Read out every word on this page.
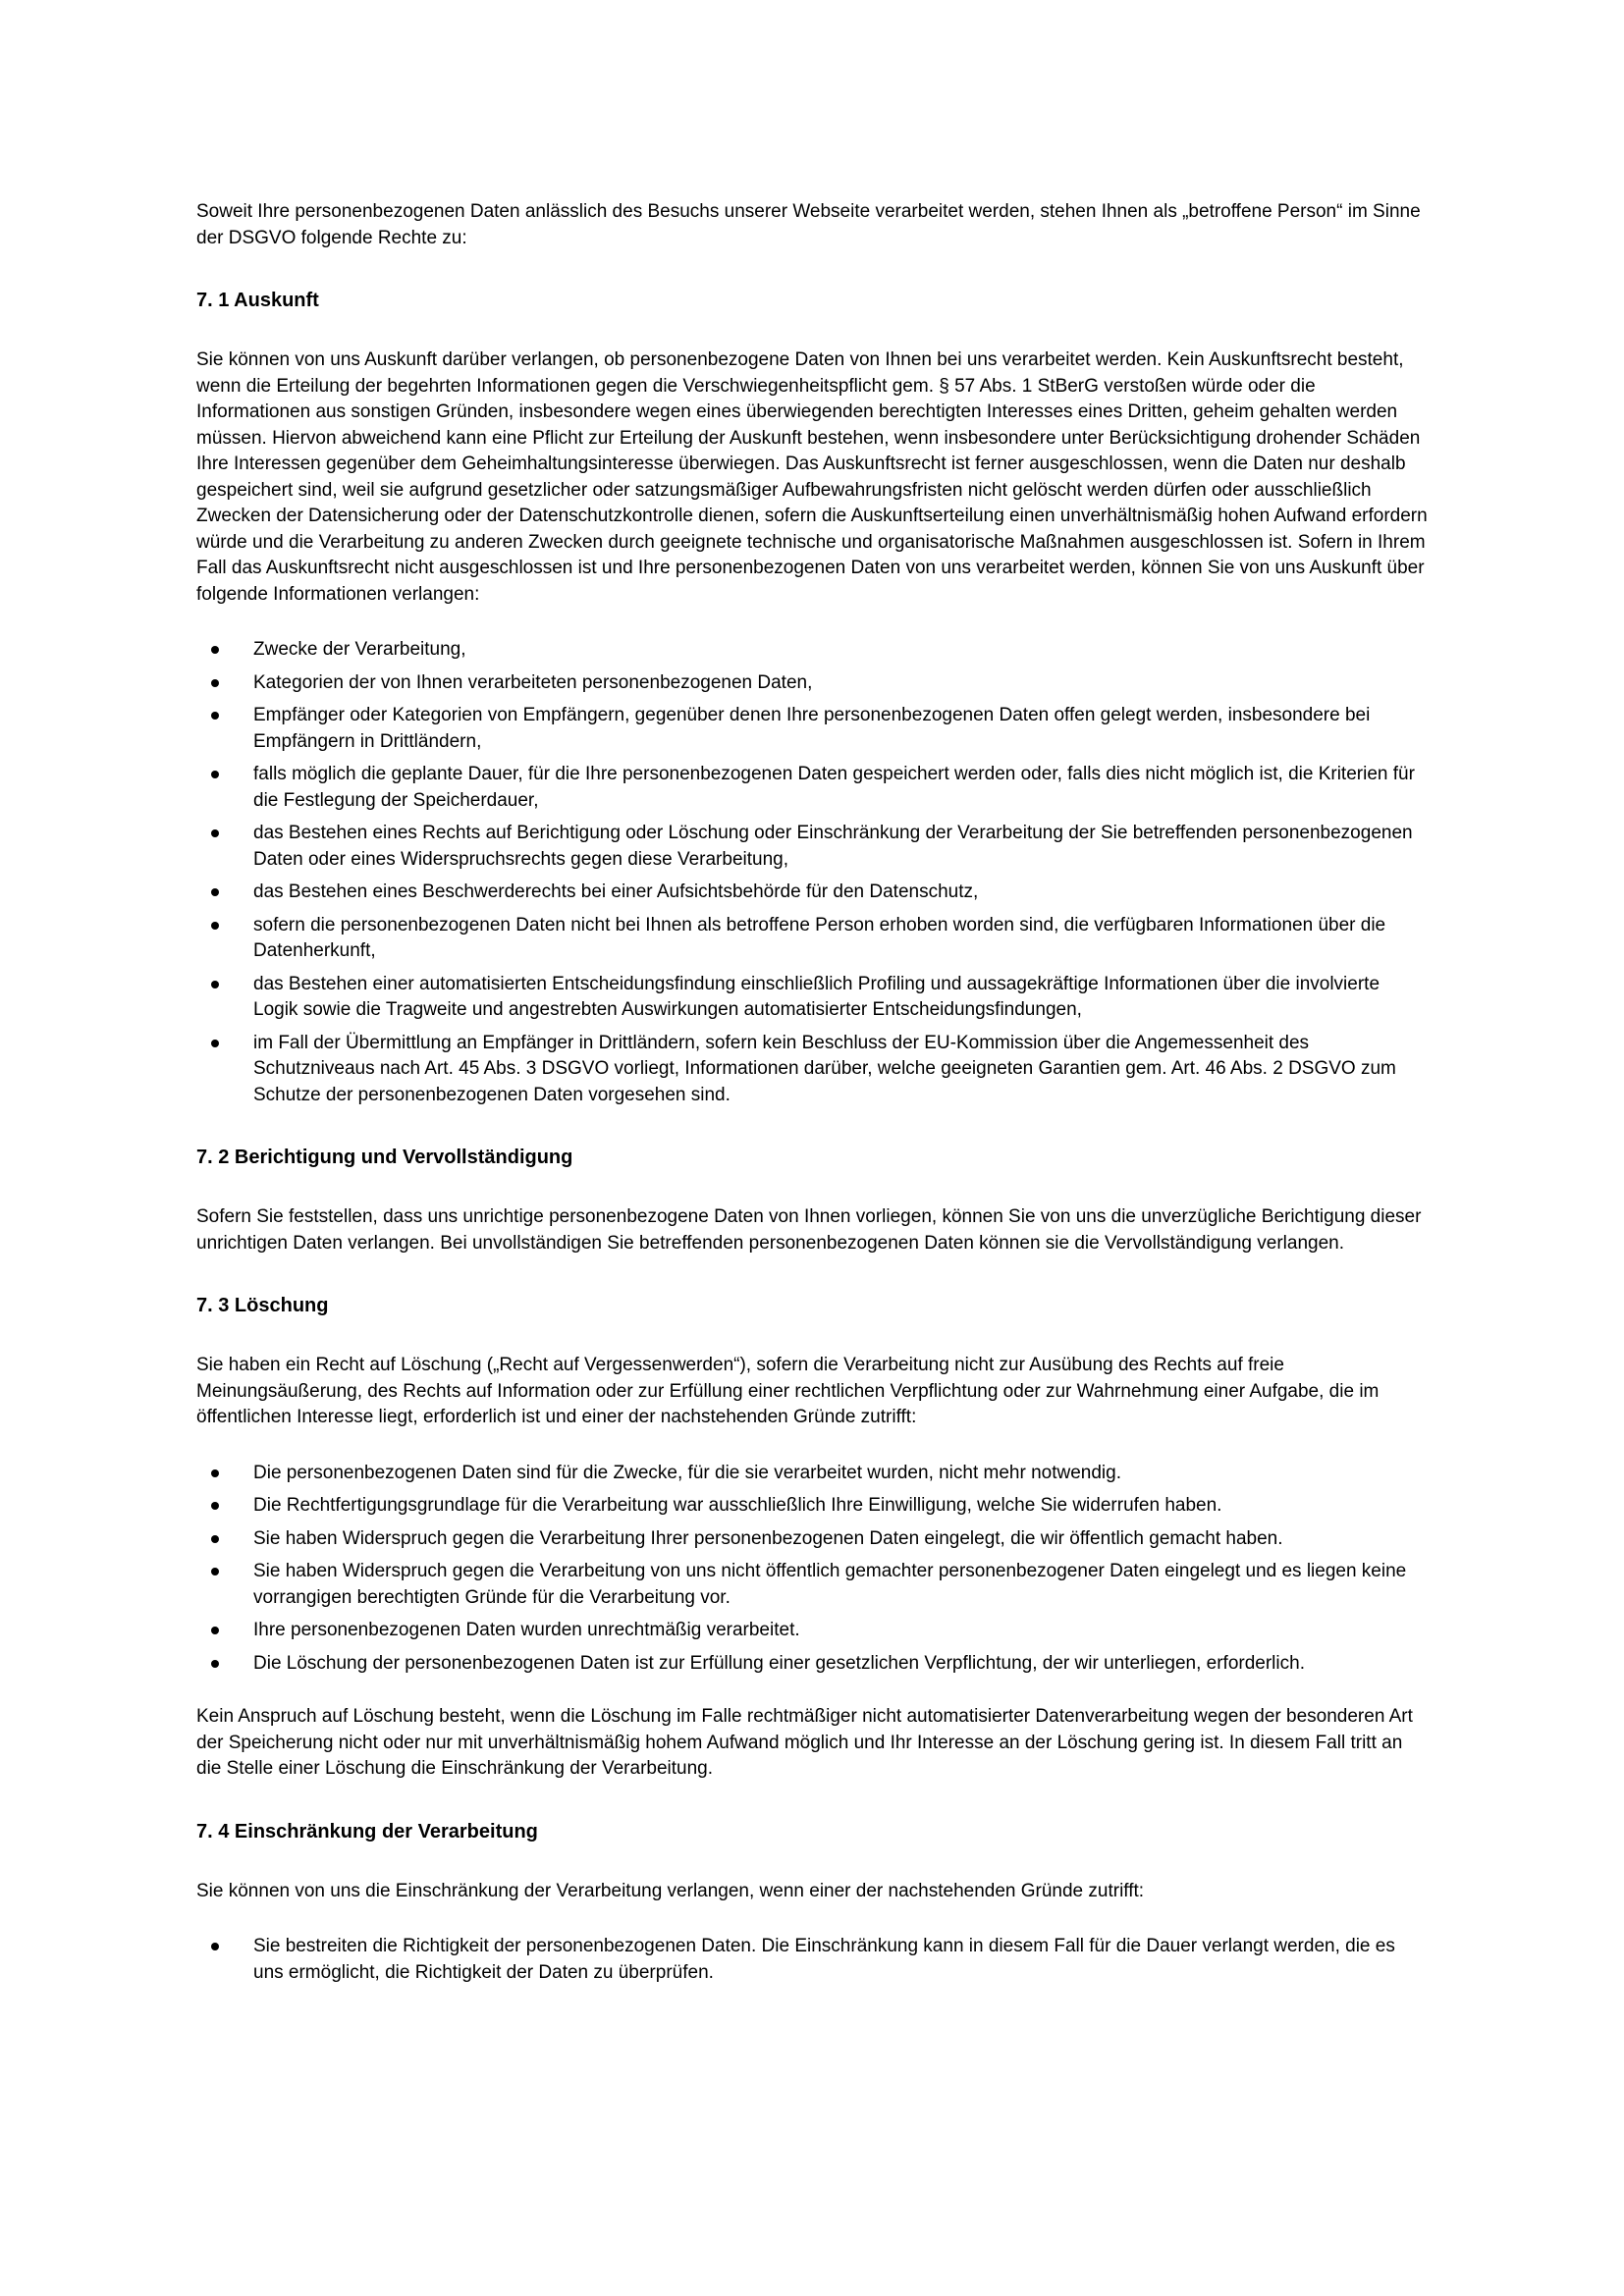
Soweit Ihre personenbezogenen Daten anlässlich des Besuchs unserer Webseite verarbeitet werden, stehen Ihnen als „betroffene Person“ im Sinne der DSGVO folgende Rechte zu:

7. 1 Auskunft

Sie können von uns Auskunft darüber verlangen, ob personenbezogene Daten von Ihnen bei uns verarbeitet werden. Kein Auskunftsrecht besteht, wenn die Erteilung der begehrten Informationen gegen die Verschwiegenheitspflicht gem. § 57 Abs. 1 StBerG verstoßen würde oder die Informationen aus sonstigen Gründen, insbesondere wegen eines überwiegenden berechtigten Interesses eines Dritten, geheim gehalten werden müssen. Hiervon abweichend kann eine Pflicht zur Erteilung der Auskunft bestehen, wenn insbesondere unter Berücksichtigung drohender Schäden Ihre Interessen gegenüber dem Geheimhaltungsinteresse überwiegen. Das Auskunftsrecht ist ferner ausgeschlossen, wenn die Daten nur deshalb gespeichert sind, weil sie aufgrund gesetzlicher oder satzungsmäßiger Aufbewahrungsfristen nicht gelöscht werden dürfen oder ausschließlich Zwecken der Datensicherung oder der Datenschutzkontrolle dienen, sofern die Auskunftserteilung einen unverhältnismäßig hohen Aufwand erfordern würde und die Verarbeitung zu anderen Zwecken durch geeignete technische und organisatorische Maßnahmen ausgeschlossen ist. Sofern in Ihrem Fall das Auskunftsrecht nicht ausgeschlossen ist und Ihre personenbezogenen Daten von uns verarbeitet werden, können Sie von uns Auskunft über folgende Informationen verlangen:

Zwecke der Verarbeitung,
Kategorien der von Ihnen verarbeiteten personenbezogenen Daten,
Empfänger oder Kategorien von Empfängern, gegenüber denen Ihre personenbezogenen Daten offen gelegt werden, insbesondere bei Empfängern in Drittländern,
falls möglich die geplante Dauer, für die Ihre personenbezogenen Daten gespeichert werden oder, falls dies nicht möglich ist, die Kriterien für die Festlegung der Speicherdauer,
das Bestehen eines Rechts auf Berichtigung oder Löschung oder Einschränkung der Verarbeitung der Sie betreffenden personenbezogenen Daten oder eines Widerspruchsrechts gegen diese Verarbeitung,
das Bestehen eines Beschwerderechts bei einer Aufsichtsbehörde für den Datenschutz,
sofern die personenbezogenen Daten nicht bei Ihnen als betroffene Person erhoben worden sind, die verfügbaren Informationen über die Datenherkunft,
das Bestehen einer automatisierten Entscheidungsfindung einschließlich Profiling und aussagekräftige Informationen über die involvierte Logik sowie die Tragweite und angestrebten Auswirkungen automatisierter Entscheidungsfindungen,
im Fall der Übermittlung an Empfänger in Drittländern, sofern kein Beschluss der EU-Kommission über die Angemessenheit des Schutzniveaus nach Art. 45 Abs. 3 DSGVO vorliegt, Informationen darüber, welche geeigneten Garantien gem. Art. 46 Abs. 2 DSGVO zum Schutze der personenbezogenen Daten vorgesehen sind.
7. 2 Berichtigung und Vervollständigung

Sofern Sie feststellen, dass uns unrichtige personenbezogene Daten von Ihnen vorliegen, können Sie von uns die unverzügliche Berichtigung dieser unrichtigen Daten verlangen. Bei unvollständigen Sie betreffenden personenbezogenen Daten können sie die Vervollständigung verlangen.

7. 3 Löschung

Sie haben ein Recht auf Löschung („Recht auf Vergessenwerden“), sofern die Verarbeitung nicht zur Ausübung des Rechts auf freie Meinungsäußerung, des Rechts auf Information oder zur Erfüllung einer rechtlichen Verpflichtung oder zur Wahrnehmung einer Aufgabe, die im öffentlichen Interesse liegt, erforderlich ist und einer der nachstehenden Gründe zutrifft:

Die personenbezogenen Daten sind für die Zwecke, für die sie verarbeitet wurden, nicht mehr notwendig.
Die Rechtfertigungsgrundlage für die Verarbeitung war ausschließlich Ihre Einwilligung, welche Sie widerrufen haben.
Sie haben Widerspruch gegen die Verarbeitung Ihrer personenbezogenen Daten eingelegt, die wir öffentlich gemacht haben.
Sie haben Widerspruch gegen die Verarbeitung von uns nicht öffentlich gemachter personenbezogener Daten eingelegt und es liegen keine vorrangigen berechtigten Gründe für die Verarbeitung vor.
Ihre personenbezogenen Daten wurden unrechtmäßig verarbeitet.
Die Löschung der personenbezogenen Daten ist zur Erfüllung einer gesetzlichen Verpflichtung, der wir unterliegen, erforderlich.

Kein Anspruch auf Löschung besteht, wenn die Löschung im Falle rechtmäßiger nicht automatisierter Datenverarbeitung wegen der besonderen Art der Speicherung nicht oder nur mit unverhältnismäßig hohem Aufwand möglich und Ihr Interesse an der Löschung gering ist. In diesem Fall tritt an die Stelle einer Löschung die Einschränkung der Verarbeitung.

7. 4 Einschränkung der Verarbeitung

Sie können von uns die Einschränkung der Verarbeitung verlangen, wenn einer der nachstehenden Gründe zutrifft:

Sie bestreiten die Richtigkeit der personenbezogenen Daten. Die Einschränkung kann in diesem Fall für die Dauer verlangt werden, die es uns ermöglicht, die Richtigkeit der Daten zu überprüfen.
